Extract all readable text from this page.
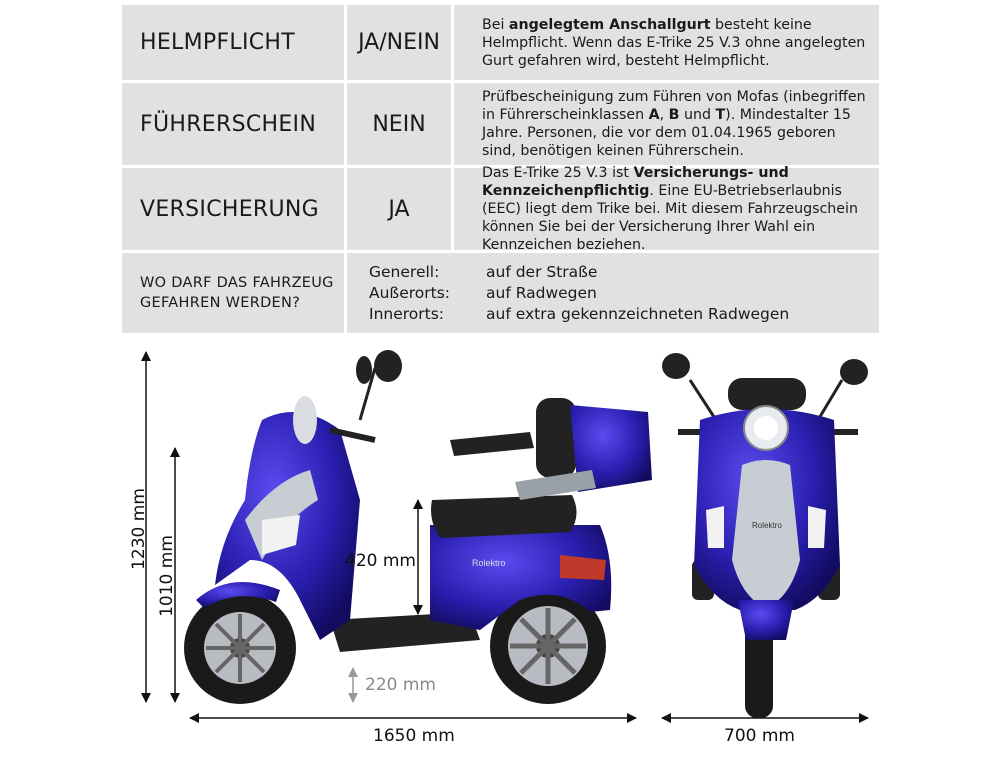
HELMPFLICHT	JA/NEIN
Bei angelegtem Anschallgurt besteht keine Helmpflicht. Wenn das E-Trike 25 V.3 ohne angelegten Gurt gefahren wird, besteht Helmpflicht.
FÜHRERSCHEIN	NEIN
Prüfbescheinigung zum Führen von Mofas (inbegriffen in Führerscheinklassen A, B und T). Mindestalter 15 Jahre. Personen, die vor dem 01.04.1965 geboren sind, benötigen keinen Führerschein.
VERSICHERUNG	JA
Das E-Trike 25 V.3 ist Versicherungs- und Kennzeichenpflichtig. Eine EU-Betriebserlaubnis (EEC) liegt dem Trike bei. Mit diesem Fahrzeugschein können Sie bei der Versicherung Ihrer Wahl ein Kennzeichen beziehen.
WO DARF DAS FAHRZEUG GEFAHREN WERDEN?
Generell:	auf der Straße
Außerorts:	auf Radwegen
Innerorts:	auf extra gekennzeichneten Radwegen
Rolektro
Rolektro
1230 mm
1010 mm	420 mm
220 mm
1650 mm	700 mm
